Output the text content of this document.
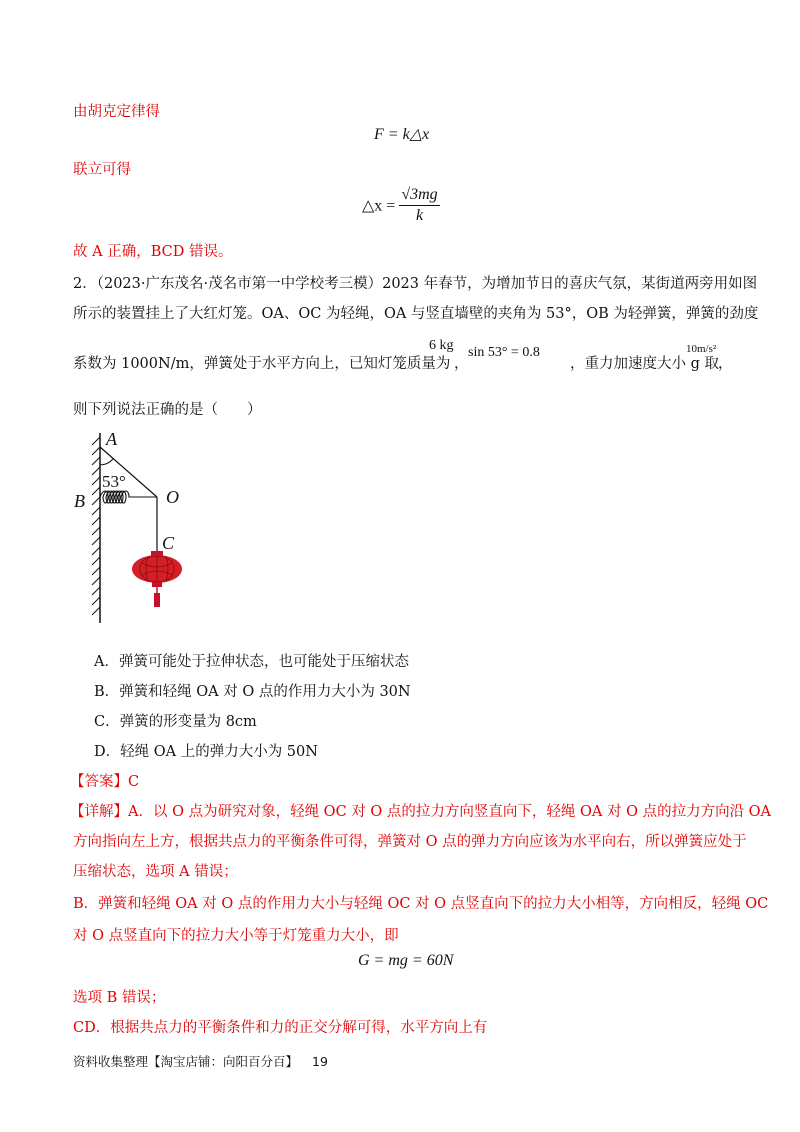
由胡克定律得
F = k△x
联立可得
△x = $\frac{√3mg}{k}$
故 A 正确，BCD 错误。
2．（2023·广东茂名·茂名市第一中学校考三模）2023 年春节，为增加节日的喜庆气氛，某街道两旁用如图
所示的装置挂上了大红灯笼。OA、OC 为轻绳，OA 与竖直墙壁的夹角为 53°，OB 为轻弹簧，弹簧的劲度
系数为 1000N/m，弹簧处于水平方向上，已知灯笼质量为
6 kg
，
sin 53° = 0.8
，重力加速度大小 g 取
10m/s²
，
则下列说法正确的是（　　）
A
B	O
C
53°
A．弹簧可能处于拉伸状态，也可能处于压缩状态
B．弹簧和轻绳 OA 对 O 点的作用力大小为 30N
C．弹簧的形变量为 8cm
D．轻绳 OA 上的弹力大小为 50N
【答案】C
【详解】A．以 O 点为研究对象，轻绳 OC 对 O 点的拉力方向竖直向下，轻绳 OA 对 O 点的拉力方向沿 OA
方向指向左上方，根据共点力的平衡条件可得，弹簧对 O 点的弹力方向应该为水平向右，所以弹簧应处于
压缩状态，选项 A 错误；
B．弹簧和轻绳 OA 对 O 点的作用力大小与轻绳 OC 对 O 点竖直向下的拉力大小相等，方向相反，轻绳 OC
对 O 点竖直向下的拉力大小等于灯笼重力大小，即
G = mg = 60N
选项 B 错误；
CD．根据共点力的平衡条件和力的正交分解可得，水平方向上有
资料收集整理【淘宝店铺：向阳百分百】 19
